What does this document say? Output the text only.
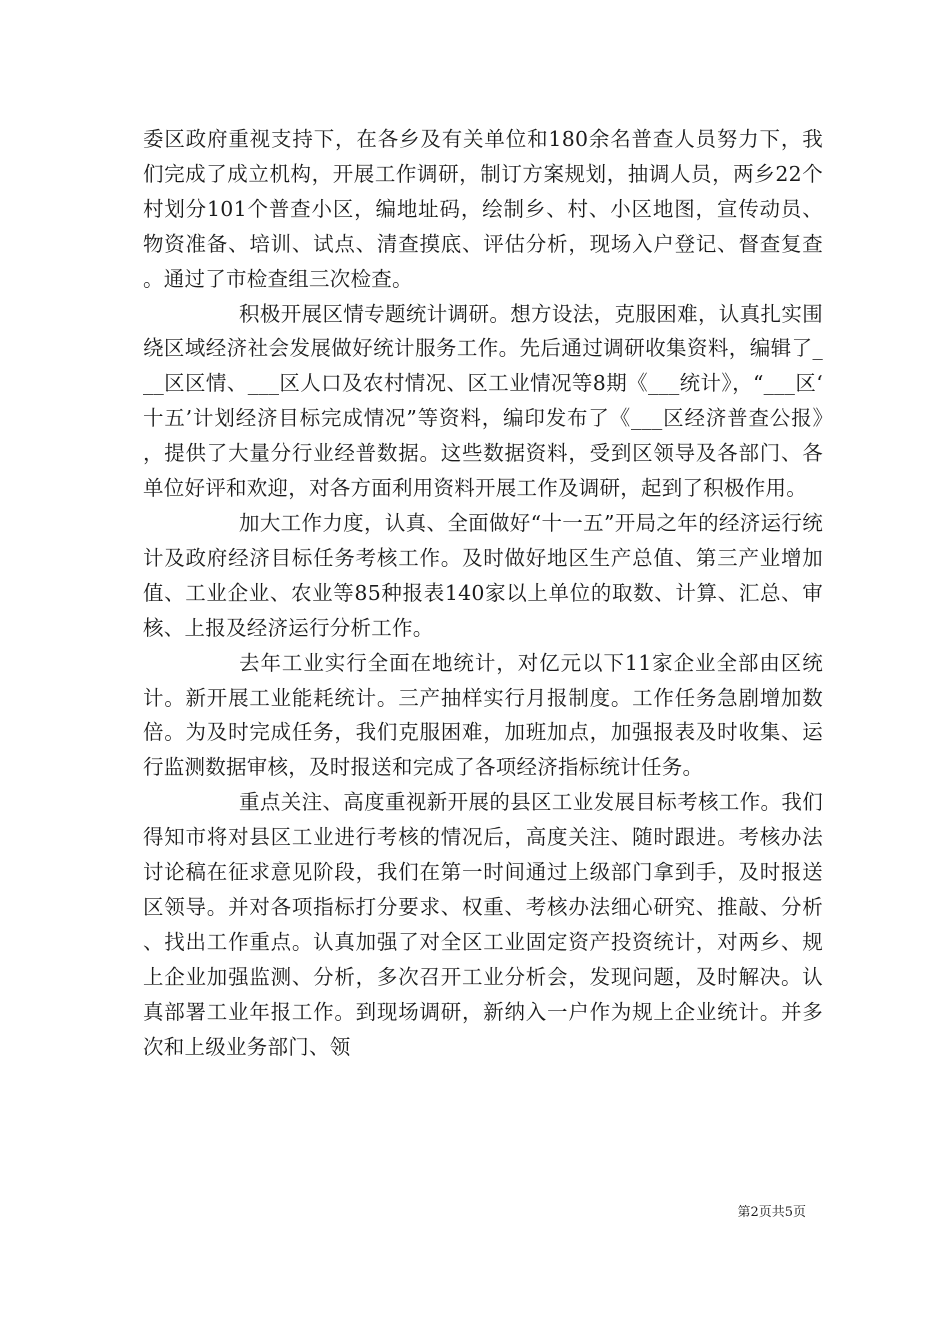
委区政府重视支持下，在各乡及有关单位和180余名普查人员努力下，我们完成了成立机构，开展工作调研，制订方案规划，抽调人员，两乡22个村划分101个普查小区，编地址码，绘制乡、村、小区地图，宣传动员、物资准备、培训、试点、清查摸底、评估分析，现场入户登记、督查复查。通过了市检查组三次检查。

积极开展区情专题统计调研。想方设法，克服困难，认真扎实围绕区域经济社会发展做好统计服务工作。先后通过调研收集资料，编辑了___区区情、___区人口及农村情况、区工业情况等8期《___统计》，“___区‘十五’计划经济目标完成情况”等资料，编印发布了《___区经济普查公报》，提供了大量分行业经普数据。这些数据资料，受到区领导及各部门、各单位好评和欢迎，对各方面利用资料开展工作及调研，起到了积极作用。

加大工作力度，认真、全面做好“十一五”开局之年的经济运行统计及政府经济目标任务考核工作。及时做好地区生产总值、第三产业增加值、工业企业、农业等85种报表140家以上单位的取数、计算、汇总、审核、上报及经济运行分析工作。

去年工业实行全面在地统计，对亿元以下11家企业全部由区统计。新开展工业能耗统计。三产抽样实行月报制度。工作任务急剧增加数倍。为及时完成任务，我们克服困难，加班加点，加强报表及时收集、运行监测数据审核，及时报送和完成了各项经济指标统计任务。

重点关注、高度重视新开展的县区工业发展目标考核工作。我们得知市将对县区工业进行考核的情况后，高度关注、随时跟进。考核办法讨论稿在征求意见阶段，我们在第一时间通过上级部门拿到手，及时报送区领导。并对各项指标打分要求、权重、考核办法细心研究、推敲、分析、找出工作重点。认真加强了对全区工业固定资产投资统计，对两乡、规上企业加强监测、分析，多次召开工业分析会，发现问题，及时解决。认真部署工业年报工作。到现场调研，新纳入一户作为规上企业统计。并多次和上级业务部门、领

第2页共5页
